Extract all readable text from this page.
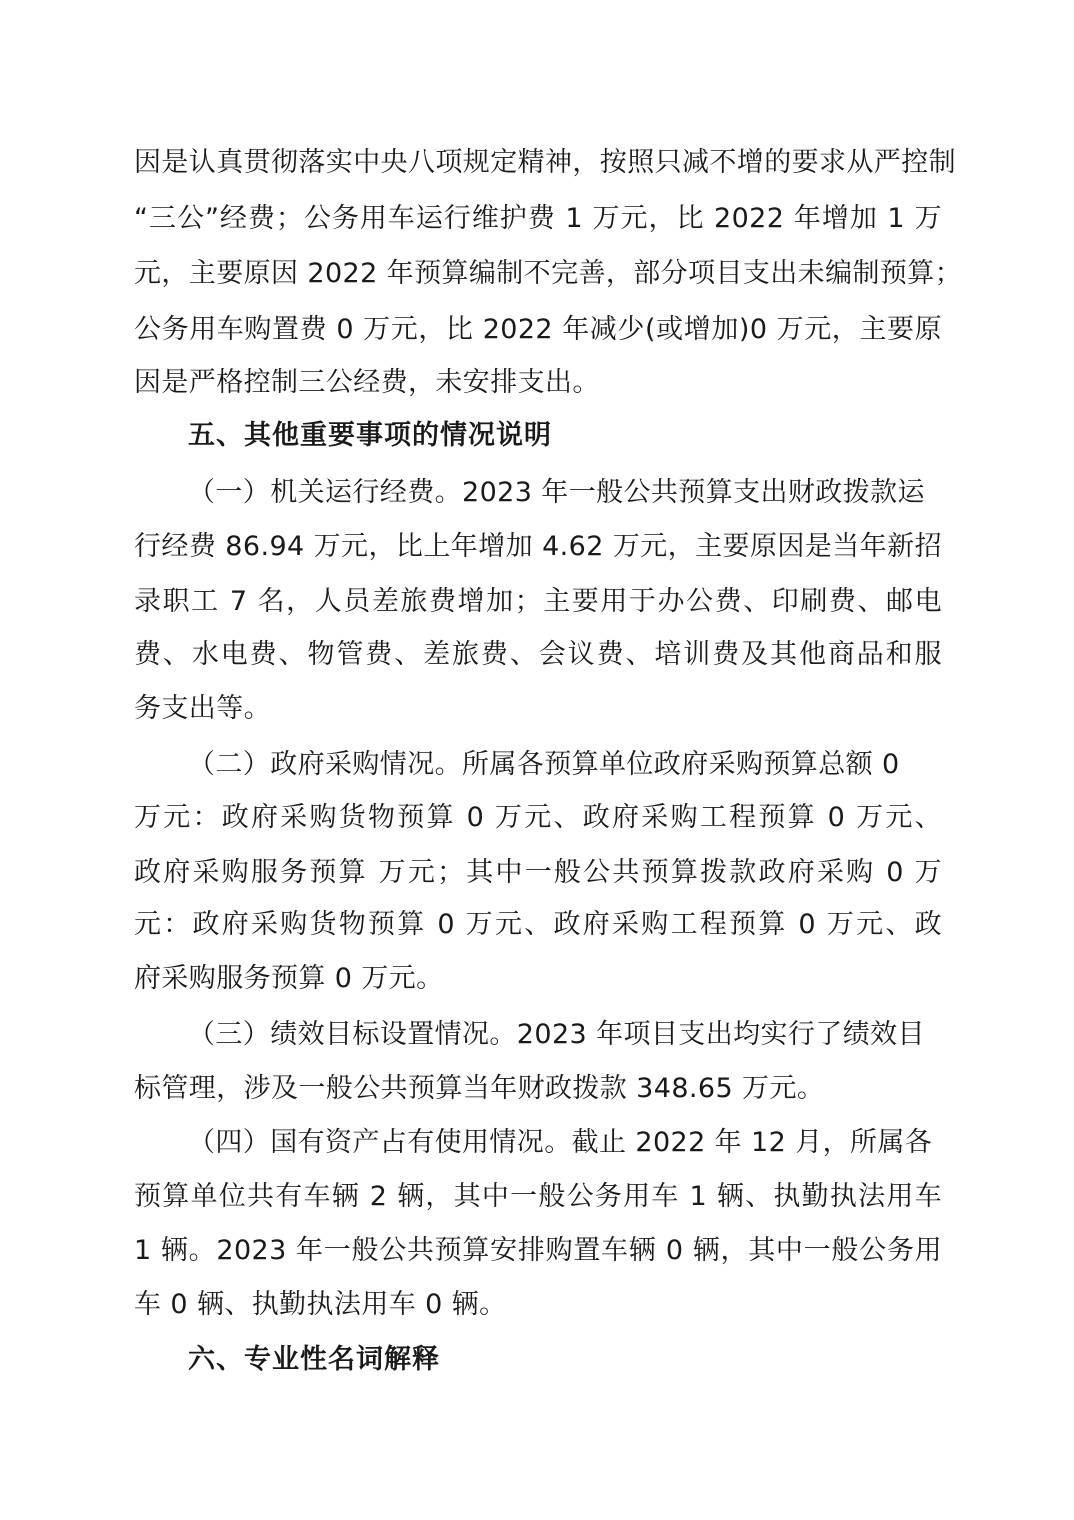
因是认真贯彻落实中央八项规定精神，按照只减不增的要求从严控制
“三公”经费；公务用车运行维护费 1 万元，比 2022 年增加 1 万
元，主要原因 2022 年预算编制不完善，部分项目支出未编制预算；
公务用车购置费 0 万元，比 2022 年减少(或增加)0 万元，主要原
因是严格控制三公经费，未安排支出。
五、其他重要事项的情况说明
（一）机关运行经费。2023 年一般公共预算支出财政拨款运
行经费 86.94 万元，比上年增加 4.62 万元，主要原因是当年新招
录职工 7 名，人员差旅费增加；主要用于办公费、印刷费、邮电
费、水电费、物管费、差旅费、会议费、培训费及其他商品和服
务支出等。
（二）政府采购情况。所属各预算单位政府采购预算总额 0
万元：政府采购货物预算 0 万元、政府采购工程预算 0 万元、
政府采购服务预算 万元；其中一般公共预算拨款政府采购 0 万
元：政府采购货物预算 0 万元、政府采购工程预算 0 万元、政
府采购服务预算 0 万元。
（三）绩效目标设置情况。2023 年项目支出均实行了绩效目
标管理，涉及一般公共预算当年财政拨款 348.65 万元。
（四）国有资产占有使用情况。截止 2022 年 12 月，所属各
预算单位共有车辆 2 辆，其中一般公务用车 1 辆、执勤执法用车
1 辆。2023 年一般公共预算安排购置车辆 0 辆，其中一般公务用
车 0 辆、执勤执法用车 0 辆。
六、专业性名词解释
